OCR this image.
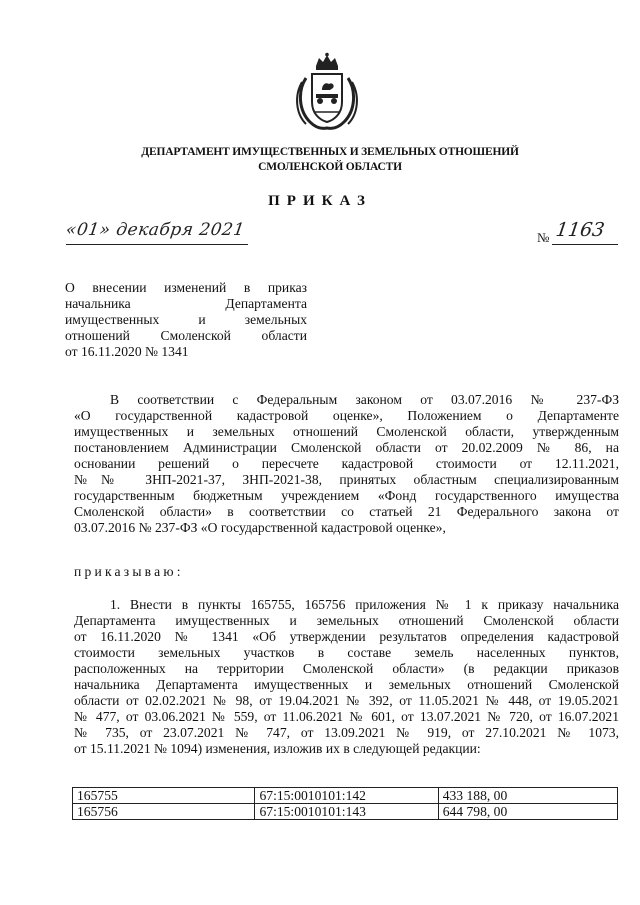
ДЕПАРТАМЕНТ ИМУЩЕСТВЕННЫХ И ЗЕМЕЛЬНЫХ ОТНОШЕНИЙ
СМОЛЕНСКОЙ ОБЛАСТИ
ПРИКАЗ
«01» декабря 2021	№ 1163
О внесении изменений в приказ
начальника Департамента
имущественных и земельных
отношений Смоленской области
от 16.11.2020 № 1341
В соответствии с Федеральным законом от 03.07.2016 № 237-ФЗ
«О государственной кадастровой оценке», Положением о Департаменте
имущественных и земельных отношений Смоленской области, утвержденным
постановлением Администрации Смоленской области от 20.02.2009 № 86, на
основании решений о пересчете кадастровой стоимости от 12.11.2021,
№№ ЗНП-2021-37, ЗНП-2021-38, принятых областным специализированным
государственным бюджетным учреждением «Фонд государственного имущества
Смоленской области» в соответствии со статьей 21 Федерального закона от
03.07.2016 № 237-ФЗ «О государственной кадастровой оценке»,
приказываю:
1. Внести в пункты 165755, 165756 приложения № 1 к приказу начальника
Департамента имущественных и земельных отношений Смоленской области
от 16.11.2020 № 1341 «Об утверждении результатов определения кадастровой
стоимости земельных участков в составе земель населенных пунктов,
расположенных на территории Смоленской области» (в редакции приказов
начальника Департамента имущественных и земельных отношений Смоленской
области от 02.02.2021 № 98, от 19.04.2021 № 392, от 11.05.2021 № 448, от 19.05.2021
№ 477, от 03.06.2021 № 559, от 11.06.2021 № 601, от 13.07.2021 № 720, от 16.07.2021
№ 735, от 23.07.2021 № 747, от 13.09.2021 № 919, от 27.10.2021 № 1073,
от 15.11.2021 № 1094) изменения, изложив их в следующей редакции:
165755	67:15:0010101:142	433 188, 00
165756	67:15:0010101:143	644 798, 00
